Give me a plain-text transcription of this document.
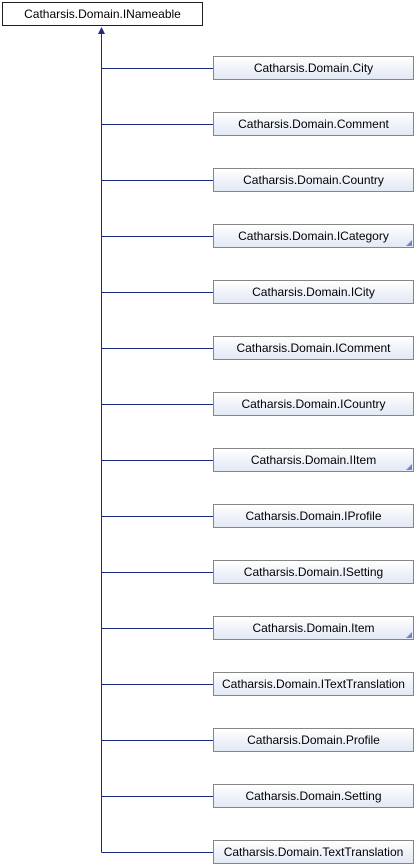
Catharsis.Domain.INameable
Catharsis.Domain.City
Catharsis.Domain.Comment
Catharsis.Domain.Country
Catharsis.Domain.ICategory
Catharsis.Domain.ICity
Catharsis.Domain.IComment
Catharsis.Domain.ICountry
Catharsis.Domain.IItem
Catharsis.Domain.IProfile
Catharsis.Domain.ISetting
Catharsis.Domain.Item
Catharsis.Domain.ITextTranslation
Catharsis.Domain.Profile
Catharsis.Domain.Setting
Catharsis.Domain.TextTranslation
